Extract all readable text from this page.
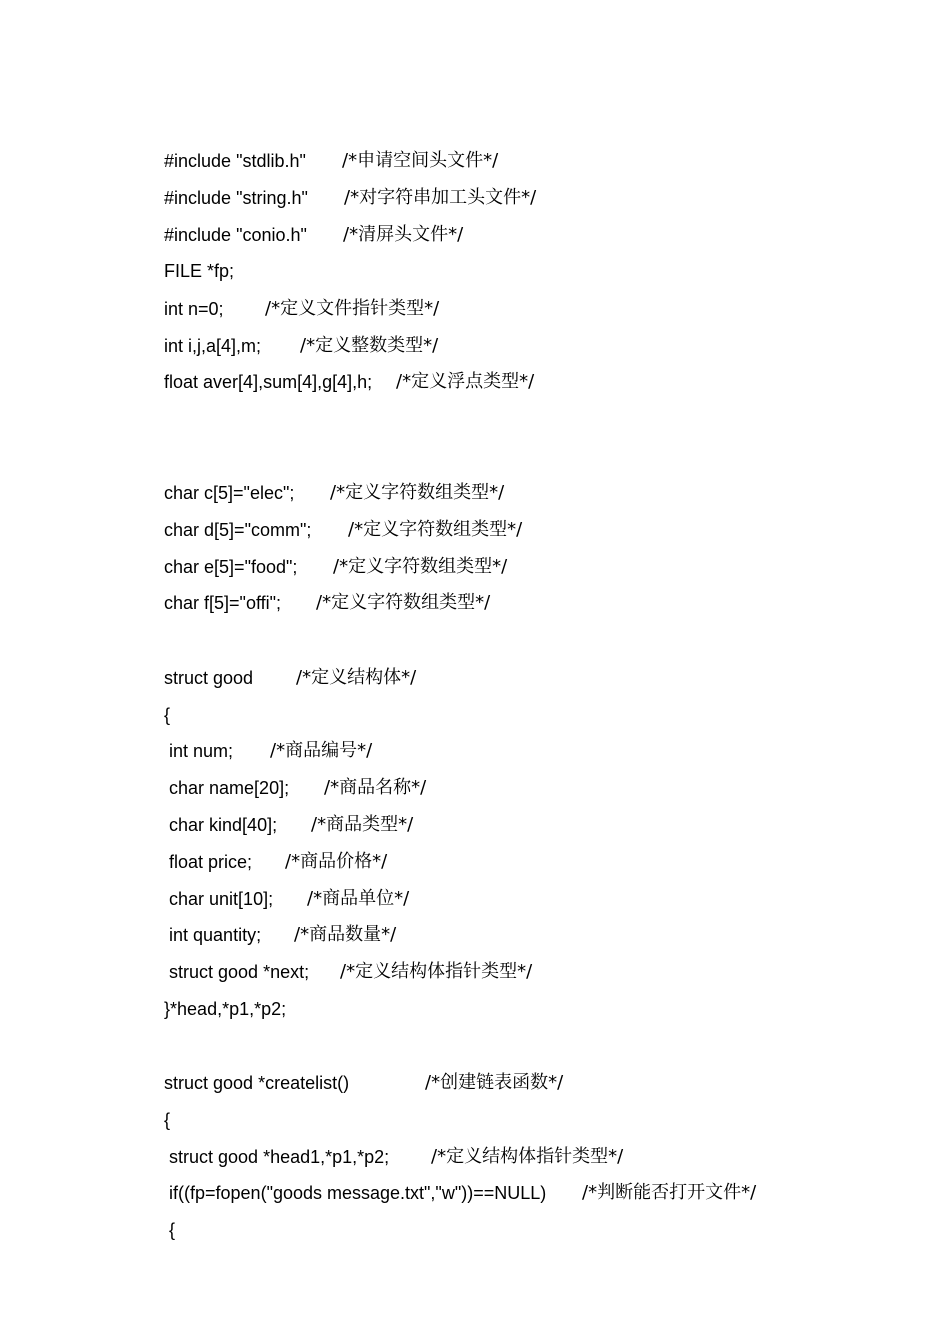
#include "stdlib.h" /*申请空间头文件*/

#include "string.h" /*对字符串加工头文件*/

#include "conio.h" /*清屏头文件*/

FILE *fp;

int n=0; /*定义文件指针类型*/

int i,j,a[4],m; /*定义整数类型*/

float aver[4],sum[4],g[4],h; /*定义浮点类型*/

char c[5]="elec"; /*定义字符数组类型*/

char d[5]="comm"; /*定义字符数组类型*/

char e[5]="food"; /*定义字符数组类型*/

char f[5]="offi"; /*定义字符数组类型*/

struct good /*定义结构体*/

{

int num; /*商品编号*/

char name[20]; /*商品名称*/

char kind[40]; /*商品类型*/

float price; /*商品价格*/

char unit[10]; /*商品单位*/

int quantity; /*商品数量*/

struct good *next; /*定义结构体指针类型*/

}*head,*p1,*p2;

struct good *createlist()	/*创建链表函数*/

{

struct good *head1,*p1,*p2; /*定义结构体指针类型*/

if((fp=fopen("goods message.txt","w"))==NULL) /*判断能否打开文件*/

{
